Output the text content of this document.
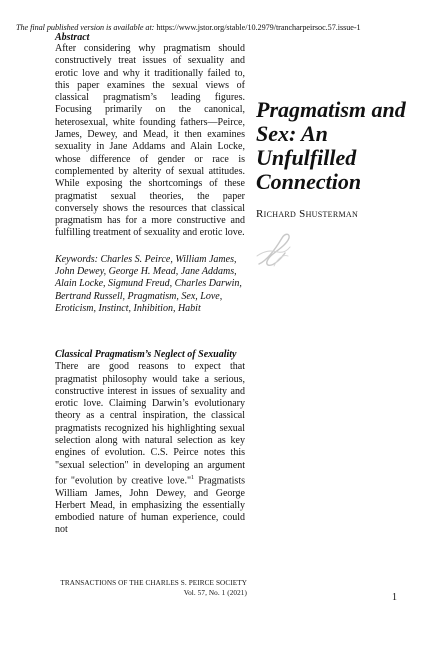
The final published version is available at: https://www.jstor.org/stable/10.2979/trancharpeirsoc.57.issue-1

Abstract

After considering why pragmatism should constructively treat issues of sexuality and erotic love and why it traditionally failed to, this paper examines the sexual views of classical pragmatism’s leading figures. Focusing primarily on the canonical, heterosexual, white founding fathers—Peirce, James, Dewey, and Mead, it then examines sexuality in Jane Addams and Alain Locke, whose difference of gender or race is complemented by alterity of sexual attitudes. While exposing the shortcomings of these pragmatist sexual theories, the paper conversely shows the resources that classical pragmatism has for a more constructive and fulfilling treatment of sexuality and erotic love.

Keywords: Charles S. Peirce, William James, John Dewey, George H. Mead, Jane Addams, Alain Locke, Sigmund Freud, Charles Darwin, Bertrand Russell, Pragmatism, Sex, Love, Eroticism, Instinct, Inhibition, Habit

Classical Pragmatism’s Neglect of Sexuality

There are good reasons to expect that pragmatist philosophy would take a serious, constructive interest in issues of sexuality and erotic love. Claiming Darwin’s evolutionary theory as a central inspiration, the classical pragmatists recognized his highlighting sexual selection along with natural selection as key engines of evolution. C.S. Peirce notes this "sexual selection" in developing an argument for "evolution by creative love."$^1$ Pragmatists William James, John Dewey, and George Herbert Mead, in emphasizing the essentially embodied nature of human experience, could not

Pragmatism and Sex: An Unfulfilled Connection

Richard Shusterman

TRANSACTIONS OF THE CHARLES S. PEIRCE SOCIETY
Vol. 57, No. 1 (2021)	1
